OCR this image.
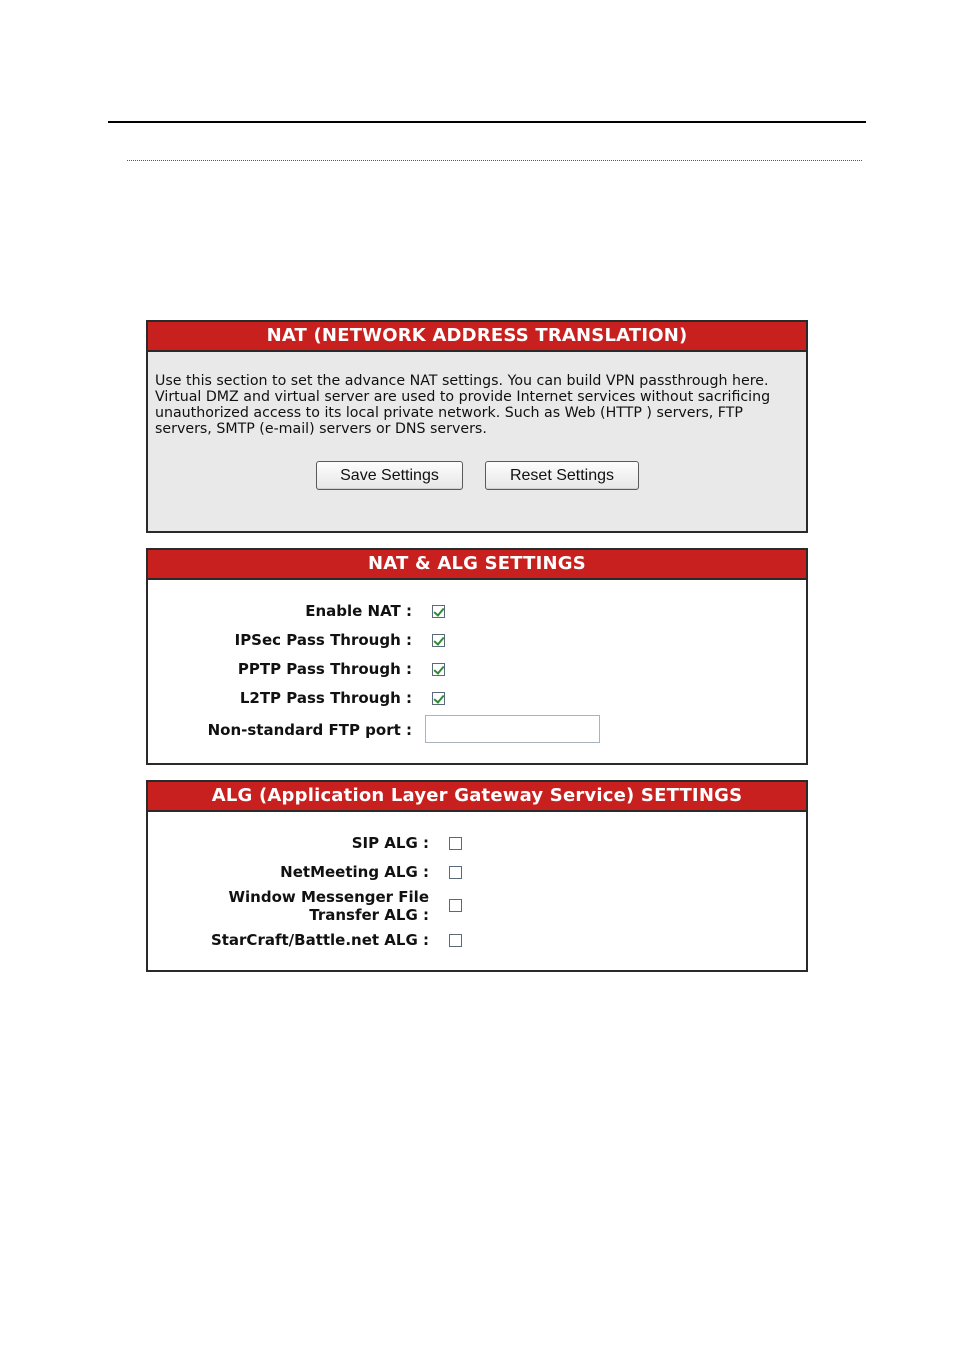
NAT (NETWORK ADDRESS TRANSLATION)
Use this section to set the advance NAT settings. You can build VPN passthrough here. Virtual DMZ and virtual server are used to provide Internet services without sacrificing unauthorized access to its local private network. Such as Web (HTTP ) servers, FTP servers, SMTP (e-mail) servers or DNS servers.
Save Settings	Reset Settings
NAT & ALG SETTINGS
Enable NAT :
IPSec Pass Through :
PPTP Pass Through :
L2TP Pass Through :
Non-standard FTP port :
ALG (Application Layer Gateway Service) SETTINGS
SIP ALG :
NetMeeting ALG :
Window Messenger File
Transfer ALG :
StarCraft/Battle.net ALG :
